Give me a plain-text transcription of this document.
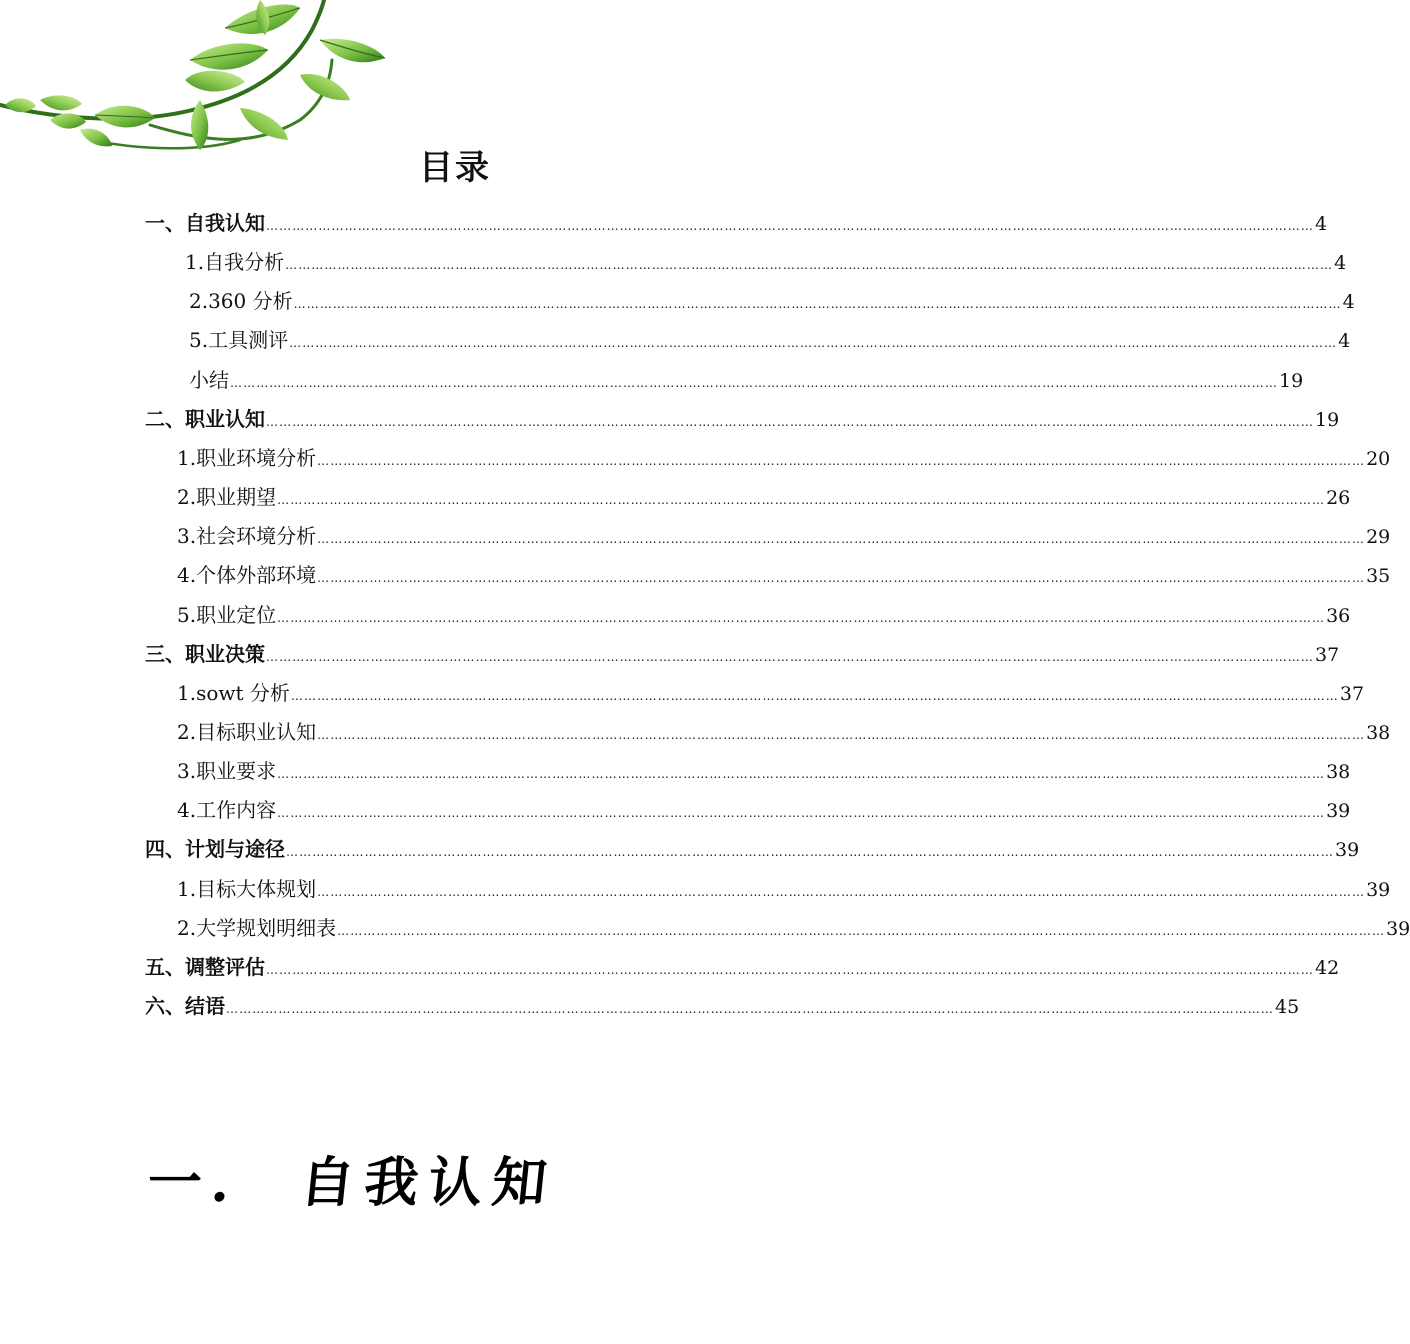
目录
一、自我认知 …………………………………………………………………………………………………………………………………………………………………………………………………………………… 4
1.自我分析 …………………………………………………………………………………………………………………………………………………………………………………………………………………… 4
2.360 分析 …………………………………………………………………………………………………………………………………………………………………………………………………………………… 4
5.工具测评 …………………………………………………………………………………………………………………………………………………………………………………………………………………… 4
小结 …………………………………………………………………………………………………………………………………………………………………………………………………………………… 19
二、职业认知 …………………………………………………………………………………………………………………………………………………………………………………………………………………… 19
1.职业环境分析 …………………………………………………………………………………………………………………………………………………………………………………………………………………… 20
2.职业期望 …………………………………………………………………………………………………………………………………………………………………………………………………………………… 26
3.社会环境分析 …………………………………………………………………………………………………………………………………………………………………………………………………………………… 29
4.个体外部环境 …………………………………………………………………………………………………………………………………………………………………………………………………………………… 35
5.职业定位 …………………………………………………………………………………………………………………………………………………………………………………………………………………… 36
三、职业决策 …………………………………………………………………………………………………………………………………………………………………………………………………………………… 37
1.sowt 分析 …………………………………………………………………………………………………………………………………………………………………………………………………………………… 37
2.目标职业认知 …………………………………………………………………………………………………………………………………………………………………………………………………………………… 38
3.职业要求 …………………………………………………………………………………………………………………………………………………………………………………………………………………… 38
4.工作内容 …………………………………………………………………………………………………………………………………………………………………………………………………………………… 39
四、计划与途径 …………………………………………………………………………………………………………………………………………………………………………………………………………………… 39
1.目标大体规划 …………………………………………………………………………………………………………………………………………………………………………………………………………………… 39
2.大学规划明细表 …………………………………………………………………………………………………………………………………………………………………………………………………………………… 39
五、调整评估 …………………………………………………………………………………………………………………………………………………………………………………………………………………… 42
六、结语 …………………………………………………………………………………………………………………………………………………………………………………………………………………… 45
一. 自我认知
